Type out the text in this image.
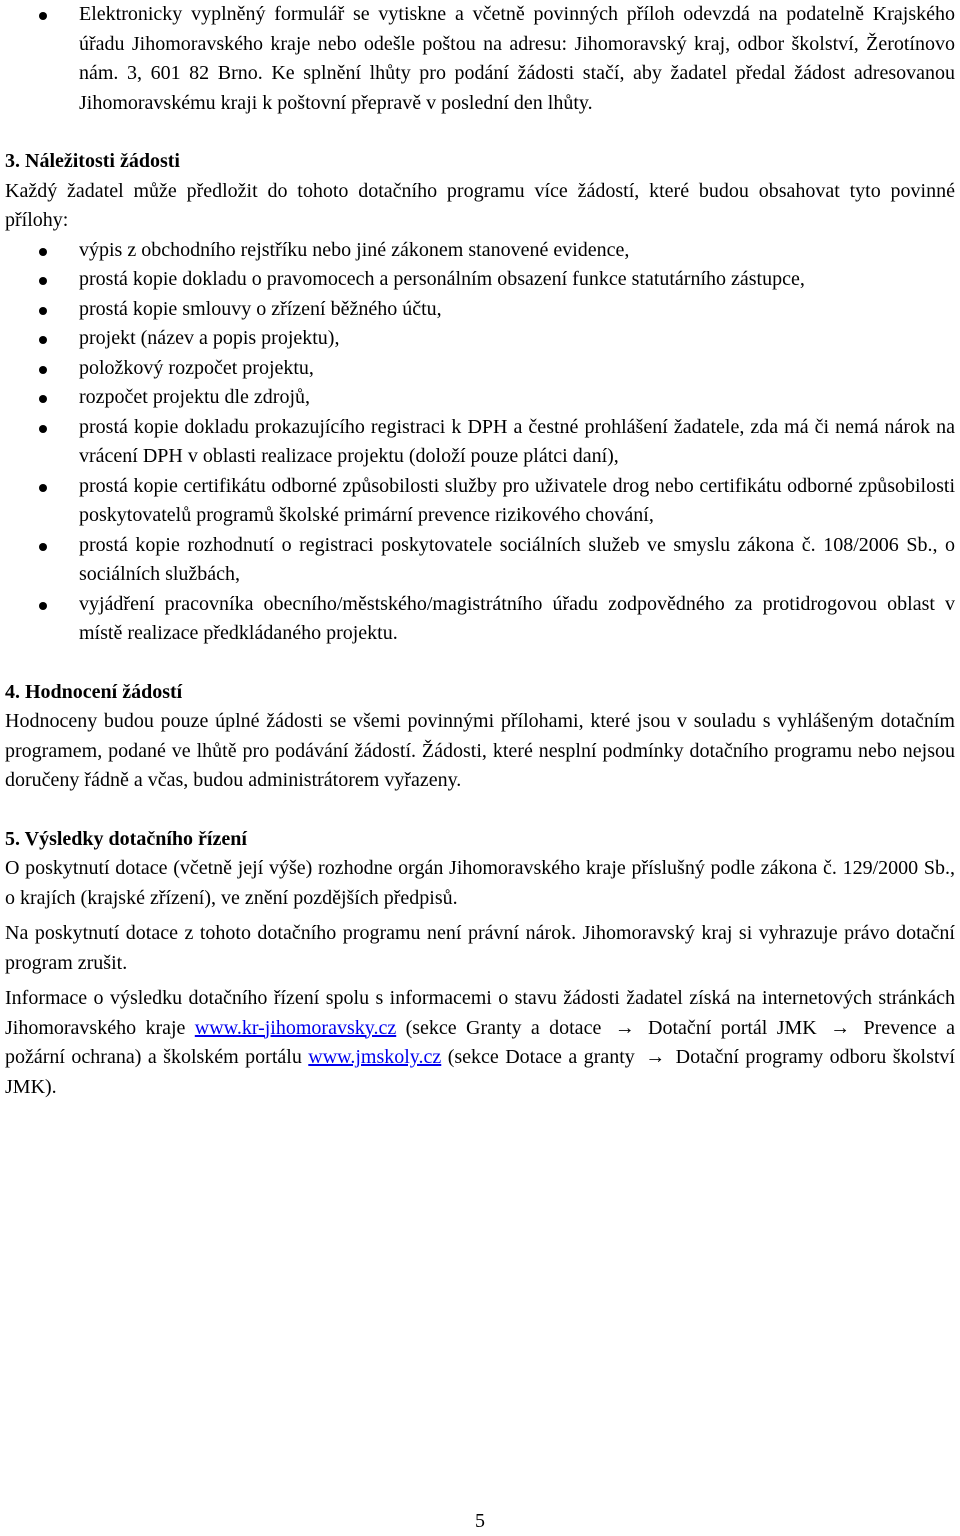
Elektronicky vyplněný formulář se vytiskne a včetně povinných příloh odevzdá na podatelně Krajského úřadu Jihomoravského kraje nebo odešle poštou na adresu: Jihomoravský kraj, odbor školství, Žerotínovo nám. 3, 601 82 Brno. Ke splnění lhůty pro podání žádosti stačí, aby žadatel předal žádost adresovanou Jihomoravskému kraji k poštovní přepravě v poslední den lhůty.
3. Náležitosti žádosti

Každý žadatel může předložit do tohoto dotačního programu více žádostí, které budou obsahovat tyto povinné přílohy:

výpis z obchodního rejstříku nebo jiné zákonem stanovené evidence,
prostá kopie dokladu o pravomocech a personálním obsazení funkce statutárního zástupce,
prostá kopie smlouvy o zřízení běžného účtu,
projekt (název a popis projektu),
položkový rozpočet projektu,
rozpočet projektu dle zdrojů,
prostá kopie dokladu prokazujícího registraci k DPH a čestné prohlášení žadatele, zda má či nemá nárok na vrácení DPH v oblasti realizace projektu (doloží pouze plátci daní),
prostá kopie certifikátu odborné způsobilosti služby pro uživatele drog nebo certifikátu odborné způsobilosti poskytovatelů programů školské primární prevence rizikového chování,
prostá kopie rozhodnutí o registraci poskytovatele sociálních služeb ve smyslu zákona č. 108/2006 Sb., o sociálních službách,
vyjádření pracovníka obecního/městského/magistrátního úřadu zodpovědného za protidrogovou oblast v místě realizace předkládaného projektu.
4. Hodnocení žádostí

Hodnoceny budou pouze úplné žádosti se všemi povinnými přílohami, které jsou v souladu s vyhlášeným dotačním programem, podané ve lhůtě pro podávání žádostí. Žádosti, které nesplní podmínky dotačního programu nebo nejsou doručeny řádně a včas, budou administrátorem vyřazeny.

5. Výsledky dotačního řízení

O poskytnutí dotace (včetně její výše) rozhodne orgán Jihomoravského kraje příslušný podle zákona č. 129/2000 Sb., o krajích (krajské zřízení), ve znění pozdějších předpisů.

Na poskytnutí dotace z tohoto dotačního programu není právní nárok. Jihomoravský kraj si vyhrazuje právo dotační program zrušit.

Informace o výsledku dotačního řízení spolu s informacemi o stavu žádosti žadatel získá na internetových stránkách Jihomoravského kraje www.kr-jihomoravsky.cz (sekce Granty a dotace → Dotační portál JMK → Prevence a požární ochrana) a školském portálu www.jmskoly.cz (sekce Dotace a granty → Dotační programy odboru školství JMK).

5
